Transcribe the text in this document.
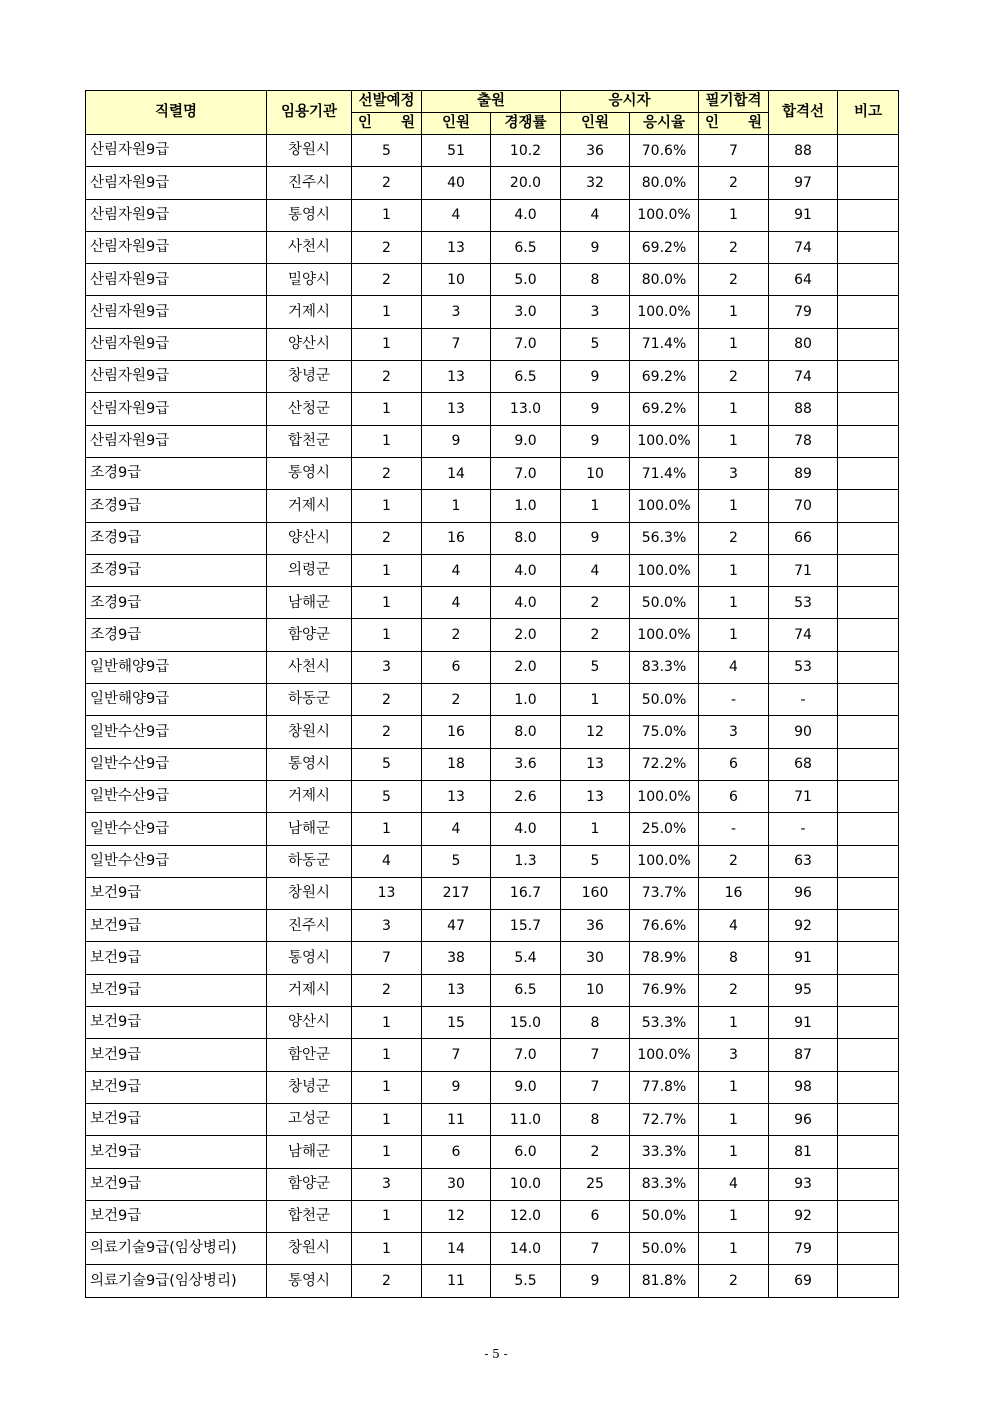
직렬명	임용기관	선발예정	출원		응시자		필기합격	합격선	비고
		인　　원	인원	경쟁률	인원	응시율	인　　원		
산림자원9급	창원시	5	51	10.2	36	70.6%	7	88	
산림자원9급	진주시	2	40	20.0	32	80.0%	2	97	
산림자원9급	통영시	1	4	4.0	4	100.0%	1	91	
산림자원9급	사천시	2	13	6.5	9	69.2%	2	74	
산림자원9급	밀양시	2	10	5.0	8	80.0%	2	64	
산림자원9급	거제시	1	3	3.0	3	100.0%	1	79	
산림자원9급	양산시	1	7	7.0	5	71.4%	1	80	
산림자원9급	창녕군	2	13	6.5	9	69.2%	2	74	
산림자원9급	산청군	1	13	13.0	9	69.2%	1	88	
산림자원9급	합천군	1	9	9.0	9	100.0%	1	78	
조경9급	통영시	2	14	7.0	10	71.4%	3	89	
조경9급	거제시	1	1	1.0	1	100.0%	1	70	
조경9급	양산시	2	16	8.0	9	56.3%	2	66	
조경9급	의령군	1	4	4.0	4	100.0%	1	71	
조경9급	남해군	1	4	4.0	2	50.0%	1	53	
조경9급	함양군	1	2	2.0	2	100.0%	1	74	
일반해양9급	사천시	3	6	2.0	5	83.3%	4	53	
일반해양9급	하동군	2	2	1.0	1	50.0%	-	-	
일반수산9급	창원시	2	16	8.0	12	75.0%	3	90	
일반수산9급	통영시	5	18	3.6	13	72.2%	6	68	
일반수산9급	거제시	5	13	2.6	13	100.0%	6	71	
일반수산9급	남해군	1	4	4.0	1	25.0%	-	-	
일반수산9급	하동군	4	5	1.3	5	100.0%	2	63	
보건9급	창원시	13	217	16.7	160	73.7%	16	96	
보건9급	진주시	3	47	15.7	36	76.6%	4	92	
보건9급	통영시	7	38	5.4	30	78.9%	8	91	
보건9급	거제시	2	13	6.5	10	76.9%	2	95	
보건9급	양산시	1	15	15.0	8	53.3%	1	91	
보건9급	함안군	1	7	7.0	7	100.0%	3	87	
보건9급	창녕군	1	9	9.0	7	77.8%	1	98	
보건9급	고성군	1	11	11.0	8	72.7%	1	96	
보건9급	남해군	1	6	6.0	2	33.3%	1	81	
보건9급	함양군	3	30	10.0	25	83.3%	4	93	
보건9급	합천군	1	12	12.0	6	50.0%	1	92	
의료기술9급(임상병리)	창원시	1	14	14.0	7	50.0%	1	79	
의료기술9급(임상병리)	통영시	2	11	5.5	9	81.8%	2	69	
- 5 -
